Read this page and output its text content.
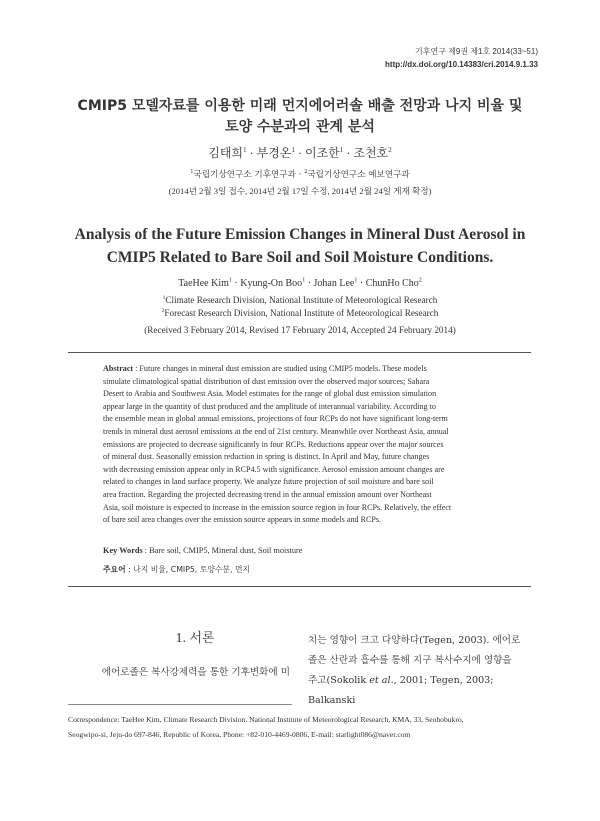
기후연구 제9권 제1호 2014(33~51)
http://dx.doi.org/10.14383/cri.2014.9.1.33
CMIP5 모델자료를 이용한 미래 먼지에어러솔 배출 전망과 나지 비율 및
토양 수분과의 관계 분석
김태희$^1$ · 부경온$^1$ · 이조한$^1$ · 조천호$^2$
$^1$국립기상연구소 기후연구과 · $^2$국립기상연구소 예보연구과
(2014년 2월 3일 접수, 2014년 2월 17일 수정, 2014년 2월 24일 게재 확정)
Analysis of the Future Emission Changes in Mineral Dust Aerosol in
CMIP5 Related to Bare Soil and Soil Moisture Conditions.
TaeHee Kim$^1$ · Kyung-On Boo$^1$ · Johan Lee$^1$ · ChunHo Cho$^2$
$^1$Climate Research Division, National Institute of Meteorological Research
$^2$Forecast Research Division, National Institute of Meteorological Research
(Received 3 February 2014, Revised 17 February 2014, Accepted 24 February 2014)
Abstract : Future changes in mineral dust emission are studied using CMIP5 models. These models
simulate climatological spatial distribution of dust emission over the observed major sources; Sahara
Desert to Arabia and Southwest Asia. Model estimates for the range of global dust emission simulation
appear large in the quantity of dust produced and the amplitude of interannual variability. According to
the ensemble mean in global annual emissions, projections of four RCPs do not have significant long-term
trends in mineral dust aerosol emissions at the end of 21st century. Meanwhile over Northeast Asia, annual
emissions are projected to decrease significantly in four RCPs. Reductions appear over the major sources
of mineral dust. Seasonally emission reduction in spring is distinct. In April and May, future changes
with decreasing emission appear only in RCP4.5 with significance. Aerosol emission amount changes are
related to changes in land surface property. We analyze future projection of soil moisture and bare soil
area fraction. Regarding the projected decreasing trend in the annual emission amount over Northeast
Asia, soil moisture is expected to increase in the emission source region in four RCPs. Relatively, the effect
of bare soil area changes over the emission source appears in some models and RCPs.
Key Words : Bare soil, CMIP5, Mineral dust, Soil moisture
주요어 : 나지 비율, CMIP5, 토양수분, 먼지
1. 서론
에어로졸은 복사강제력을 통한 기후변화에 미
치는 영향이 크고 다양하다(Tegen, 2003). 에어로
졸은 산란과 흡수를 통해 지구 복사수지에 영향을
주고(Sokolik et al., 2001; Tegen, 2003; Balkanski
Correspondence: TaeHee Kim, Climate Research Division, National Institute of Meteorological Research, KMA, 33, Seohobukro,
Seogwipo-si, Jeju-do 697-846, Republic of Korea, Phone: +82-010-4469-0806, E-mail: starlight086@naver.com
